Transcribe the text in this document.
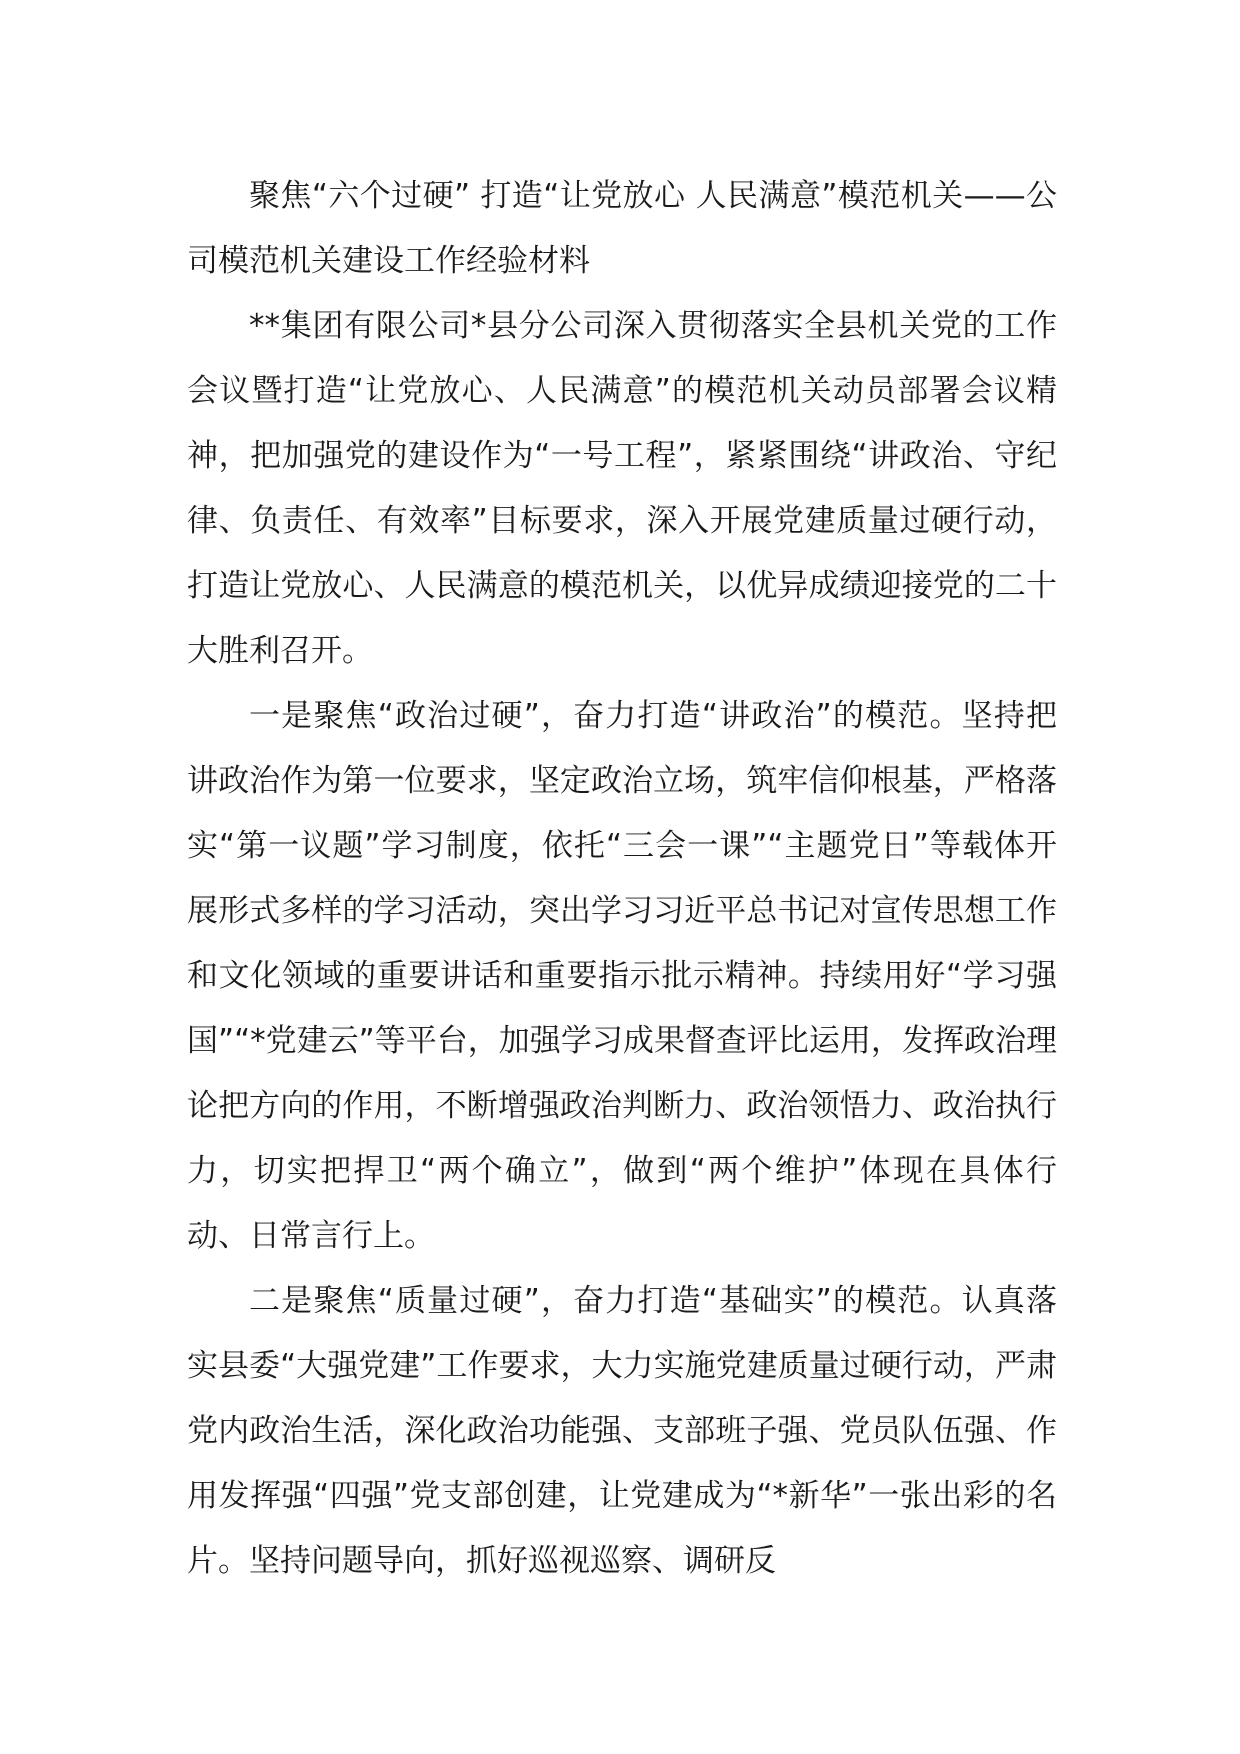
聚焦“六个过硬” 打造“让党放心 人民满意”模范机关——公司模范机关建设工作经验材料

**集团有限公司*县分公司深入贯彻落实全县机关党的工作会议暨打造“让党放心、人民满意”的模范机关动员部署会议精神，把加强党的建设作为“一号工程”，紧紧围绕“讲政治、守纪律、负责任、有效率”目标要求，深入开展党建质量过硬行动，打造让党放心、人民满意的模范机关，以优异成绩迎接党的二十大胜利召开。

一是聚焦“政治过硬”，奋力打造“讲政治”的模范。坚持把讲政治作为第一位要求，坚定政治立场，筑牢信仰根基，严格落实“第一议题”学习制度，依托“三会一课”“主题党日”等载体开展形式多样的学习活动，突出学习习近平总书记对宣传思想工作和文化领域的重要讲话和重要指示批示精神。持续用好“学习强国”“*党建云”等平台，加强学习成果督查评比运用，发挥政治理论把方向的作用，不断增强政治判断力、政治领悟力、政治执行力，切实把捍卫“两个确立”，做到“两个维护”体现在具体行动、日常言行上。

二是聚焦“质量过硬”，奋力打造“基础实”的模范。认真落实县委“大强党建”工作要求，大力实施党建质量过硬行动，严肃党内政治生活，深化政治功能强、支部班子强、党员队伍强、作用发挥强“四强”党支部创建，让党建成为“*新华”一张出彩的名片。坚持问题导向，抓好巡视巡察、调研反
